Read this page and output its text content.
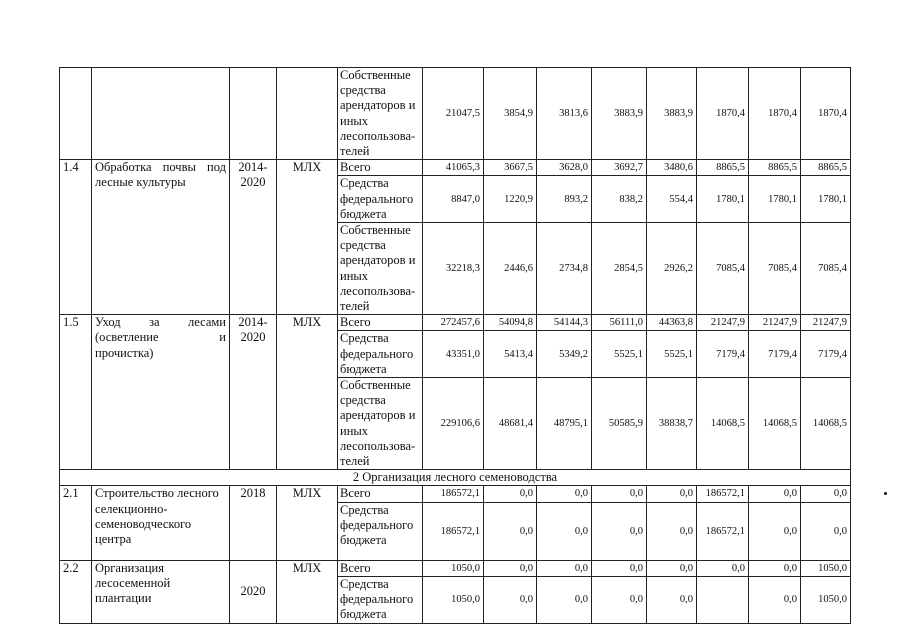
				Собственные средства арендаторов и иных лесопользова-телей	21047,5	3854,9	3813,6	3883,9	3883,9	1870,4	1870,4	1870,4
1.4	Обработка почвы под лесные культуры	2014-2020	МЛХ	Всего	41065,3	3667,5	3628,0	3692,7	3480,6	8865,5	8865,5	8865,5
				Средства федерального бюджета	8847,0	1220,9	893,2	838,2	554,4	1780,1	1780,1	1780,1
				Собственные средства арендаторов и иных лесопользова-телей	32218,3	2446,6	2734,8	2854,5	2926,2	7085,4	7085,4	7085,4
1.5	Уход за лесами (осветление и прочистка)	2014-2020	МЛХ	Всего	272457,6	54094,8	54144,3	56111,0	44363,8	21247,9	21247,9	21247,9
				Средства федерального бюджета	43351,0	5413,4	5349,2	5525,1	5525,1	7179,4	7179,4	7179,4
				Собственные средства арендаторов и иных лесопользова-телей	229106,6	48681,4	48795,1	50585,9	38838,7	14068,5	14068,5	14068,5
2 Организация лесного семеноводства												
2.1	Строительство лесного селекционно-семеноводческого центра	2018	МЛХ	Всего	186572,1	0,0	0,0	0,0	0,0	186572,1	0,0	0,0
				Средства федерального бюджета	186572,1	0,0	0,0	0,0	0,0	186572,1	0,0	0,0
2.2	Организация лесосеменной плантации	2020	МЛХ	Всего	1050,0	0,0	0,0	0,0	0,0	0,0	0,0	1050,0
				Средства федерального бюджета	1050,0	0,0	0,0	0,0	0,0		0,0	1050,0
